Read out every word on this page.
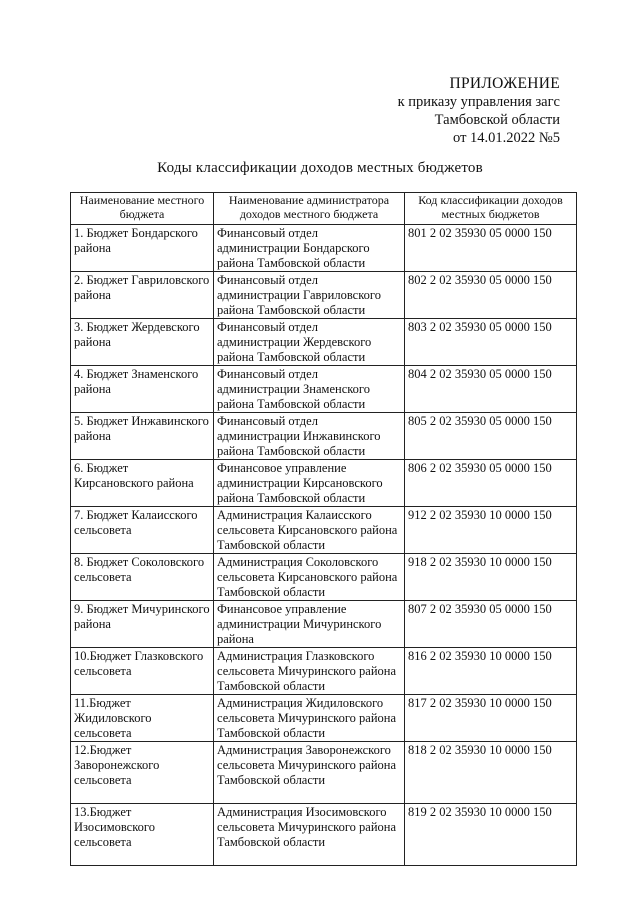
ПРИЛОЖЕНИЕ
к приказу управления загс
Тамбовской области
от 14.01.2022 №5
Коды классификации доходов местных бюджетов
Наименование местного бюджета	Наименование администратора доходов местного бюджета	Код классификации доходов местных бюджетов
1. Бюджет Бондарского района	Финансовый отдел администрации Бондарского района Тамбовской области	801 2 02 35930 05 0000 150
2. Бюджет Гавриловского района	Финансовый отдел администрации Гавриловского района Тамбовской области	802 2 02 35930 05 0000 150
3. Бюджет Жердевского района	Финансовый отдел администрации Жердевского района Тамбовской области	803 2 02 35930 05 0000 150
4. Бюджет Знаменского района	Финансовый отдел администрации Знаменского района Тамбовской области	804 2 02 35930 05 0000 150
5. Бюджет Инжавинского района	Финансовый отдел администрации Инжавинского района Тамбовской области	805 2 02 35930 05 0000 150
6. Бюджет Кирсановского района	Финансовое управление администрации Кирсановского района Тамбовской области	806 2 02 35930 05 0000 150
7. Бюджет Калаисского сельсовета	Администрация Калаисского сельсовета Кирсановского района Тамбовской области	912 2 02 35930 10 0000 150
8. Бюджет Соколовского сельсовета	Администрация Соколовского сельсовета Кирсановского района Тамбовской области	918 2 02 35930 10 0000 150
9. Бюджет Мичуринского района	Финансовое управление администрации Мичуринского района	807 2 02 35930 05 0000 150
10.Бюджет Глазковского сельсовета	Администрация Глазковского сельсовета Мичуринского района Тамбовской области	816 2 02 35930 10 0000 150
11.Бюджет Жидиловского сельсовета	Администрация Жидиловского сельсовета Мичуринского района Тамбовской области	817 2 02 35930 10 0000 150
12.Бюджет Заворонежского сельсовета	Администрация Заворонежского сельсовета Мичуринского района Тамбовской области	818 2 02 35930 10 0000 150
13.Бюджет Изосимовского сельсовета	Администрация Изосимовского сельсовета Мичуринского района Тамбовской области	819 2 02 35930 10 0000 150
